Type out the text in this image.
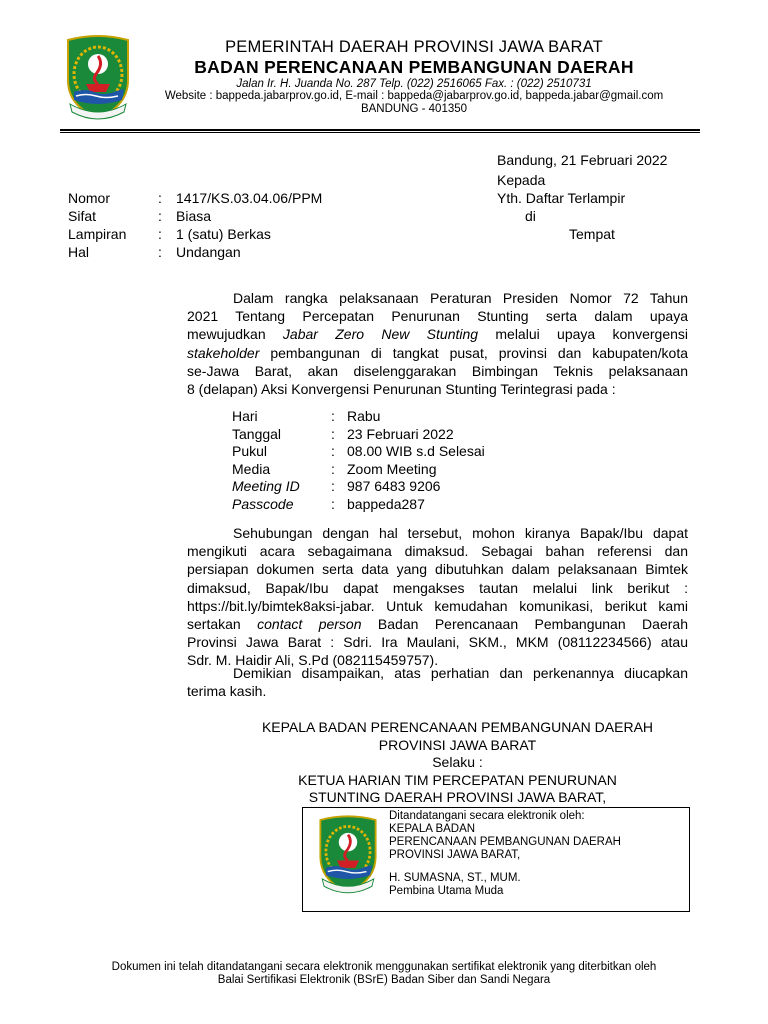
PEMERINTAH DAERAH PROVINSI JAWA BARAT
BADAN PERENCANAAN PEMBANGUNAN DAERAH
Jalan Ir. H. Juanda No. 287 Telp. (022) 2516065 Fax. : (022) 2510731
Website : bappeda.jabarprov.go.id, E-mail : bappeda@jabarprov.go.id, bappeda.jabar@gmail.com
BANDUNG - 401350
Bandung, 21 Februari 2022
Kepada
Yth. Daftar Terlampir
di
Tempat
Nomor	: 1417/KS.03.04.06/PPM
Sifat	: Biasa
Lampiran : 1 (satu) Berkas
Hal	: Undangan
Dalam rangka pelaksanaan Peraturan Presiden Nomor 72 Tahun
2021 Tentang Percepatan Penurunan Stunting serta dalam upaya
mewujudkan Jabar Zero New Stunting melalui upaya konvergensi
stakeholder pembangunan di tangkat pusat, provinsi dan kabupaten/kota
se-Jawa Barat, akan diselenggarakan Bimbingan Teknis pelaksanaan
8 (delapan) Aksi Konvergensi Penurunan Stunting Terintegrasi pada :
Hari	: Rabu
Tanggal	: 23 Februari 2022
Pukul	: 08.00 WIB s.d Selesai
Media	: Zoom Meeting
Meeting ID : 987 6483 9206
Passcode	: bappeda287
Sehubungan dengan hal tersebut, mohon kiranya Bapak/Ibu dapat
mengikuti acara sebagaimana dimaksud. Sebagai bahan referensi dan
persiapan dokumen serta data yang dibutuhkan dalam pelaksanaan Bimtek
dimaksud, Bapak/Ibu dapat mengakses tautan melalui link berikut :
https://bit.ly/bimtek8aksi-jabar. Untuk kemudahan komunikasi, berikut kami
sertakan contact person Badan Perencanaan Pembangunan Daerah
Provinsi Jawa Barat : Sdri. Ira Maulani, SKM., MKM (08112234566) atau
Sdr. M. Haidir Ali, S.Pd (082115459757).
Demikian disampaikan, atas perhatian dan perkenannya diucapkan
terima kasih.
KEPALA BADAN PERENCANAAN PEMBANGUNAN DAERAH
PROVINSI JAWA BARAT
Selaku :
KETUA HARIAN TIM PERCEPATAN PENURUNAN
STUNTING DAERAH PROVINSI JAWA BARAT,
Ditandatangani secara elektronik oleh:
KEPALA BADAN
PERENCANAAN PEMBANGUNAN DAERAH
PROVINSI JAWA BARAT,
H. SUMASNA, ST., MUM.
Pembina Utama Muda
Dokumen ini telah ditandatangani secara elektronik menggunakan sertifikat elektronik yang diterbitkan oleh
Balai Sertifikasi Elektronik (BSrE) Badan Siber dan Sandi Negara
